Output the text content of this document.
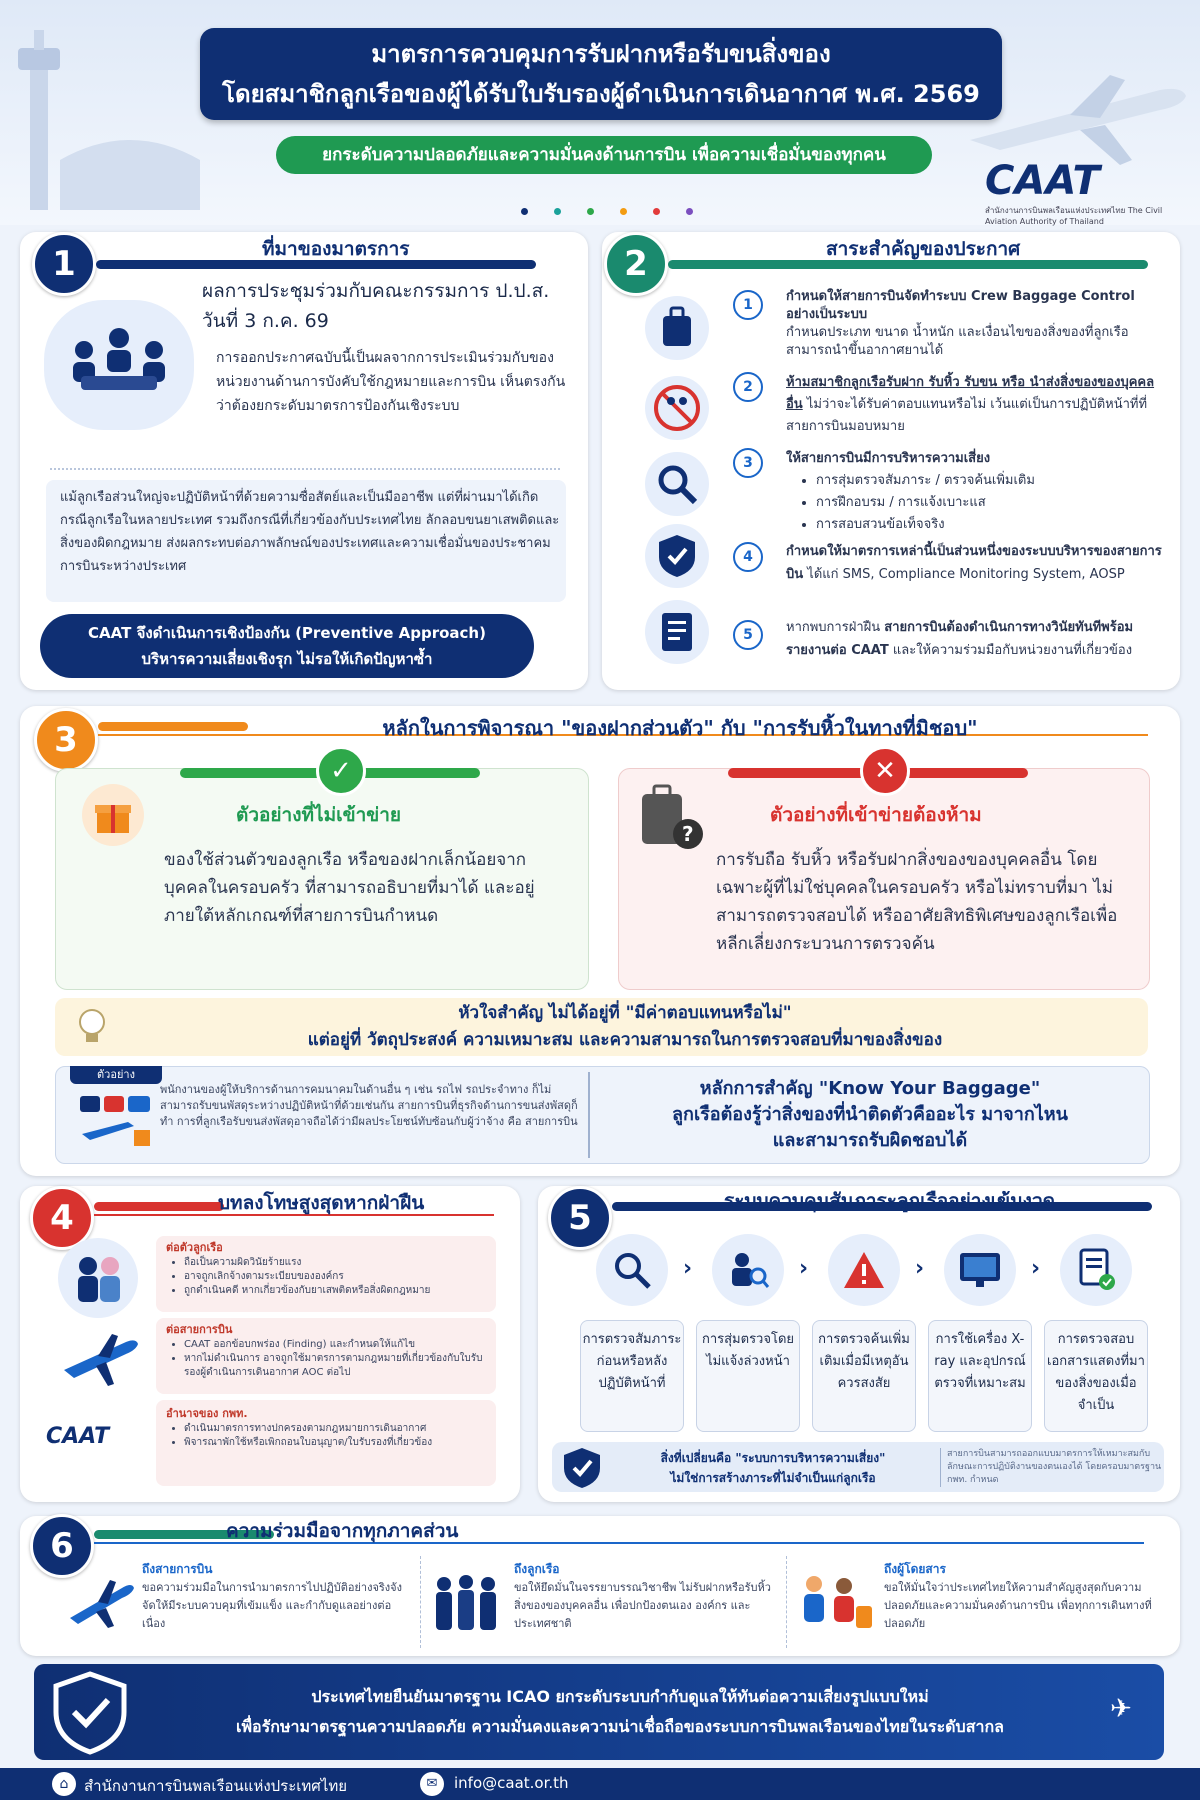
มาตรการควบคุมการรับฝากหรือรับขนสิ่งของ
โดยสมาชิกลูกเรือของผู้ได้รับใบรับรองผู้ดำเนินการเดินอากาศ พ.ศ. 2569
ยกระดับความปลอดภัยและความมั่นคงด้านการบิน เพื่อความเชื่อมั่นของทุกคน
CAAT
สำนักงานการบินพลเรือนแห่งประเทศไทย The Civil Aviation Authority of Thailand
1	ที่มาของมาตรการ
ผลการประชุมร่วมกับคณะกรรมการ ป.ป.ส.
วันที่ 3 ก.ค. 69
การออกประกาศฉบับนี้เป็นผลจากการประเมินร่วมกับของหน่วยงานด้านการบังคับใช้กฎหมายและการบิน เห็นตรงกันว่าต้องยกระดับมาตรการป้องกันเชิงระบบ
แม้ลูกเรือส่วนใหญ่จะปฏิบัติหน้าที่ด้วยความซื่อสัตย์และเป็นมืออาชีพ แต่ที่ผ่านมาได้เกิดกรณีลูกเรือในหลายประเทศ รวมถึงกรณีที่เกี่ยวข้องกับประเทศไทย ลักลอบขนยาเสพติดและสิ่งของผิดกฎหมาย ส่งผลกระทบต่อภาพลักษณ์ของประเทศและความเชื่อมั่นของประชาคมการบินระหว่างประเทศ
CAAT จึงดำเนินการเชิงป้องกัน (Preventive Approach)
บริหารความเสี่ยงเชิงรุก ไม่รอให้เกิดปัญหาซ้ำ
2	สาระสำคัญของประกาศ
1
กำหนดให้สายการบินจัดทำระบบ Crew Baggage Control อย่างเป็นระบบ
กำหนดประเภท ขนาด น้ำหนัก และเงื่อนไขของสิ่งของที่ลูกเรือสามารถนำขึ้นอากาศยานได้
2	ห้ามสมาชิกลูกเรือรับฝาก รับหิ้ว รับขน หรือ นำส่งสิ่งของของบุคคลอื่น ไม่ว่าจะได้รับค่าตอบแทนหรือไม่ เว้นแต่เป็นการปฏิบัติหน้าที่ที่สายการบินมอบหมาย
3	ให้สายการบินมีการบริหารความเสี่ยง
• การสุ่มตรวจสัมภาระ / ตรวจค้นเพิ่มเติม
• การฝึกอบรม / การแจ้งเบาะแส
• การสอบสวนข้อเท็จจริง
4	กำหนดให้มาตรการเหล่านี้เป็นส่วนหนึ่งของระบบบริหารของสายการบิน ได้แก่ SMS, Compliance Monitoring System, AOSP
5	หากพบการฝ่าฝืน สายการบินต้องดำเนินการทางวินัยทันทีพร้อมรายงานต่อ CAAT และให้ความร่วมมือกับหน่วยงานที่เกี่ยวข้อง
3	หลักในการพิจารณา "ของฝากส่วนตัว" กับ "การรับหิ้วในทางที่มิชอบ"
✓
ตัวอย่างที่ไม่เข้าข่าย
ของใช้ส่วนตัวของลูกเรือ หรือของฝากเล็กน้อยจากบุคคลในครอบครัว ที่สามารถอธิบายที่มาได้ และอยู่ภายใต้หลักเกณฑ์ที่สายการบินกำหนด
✕
?
ตัวอย่างที่เข้าข่ายต้องห้าม
การรับถือ รับหิ้ว หรือรับฝากสิ่งของของบุคคลอื่น โดยเฉพาะผู้ที่ไม่ใช่บุคคลในครอบครัว หรือไม่ทราบที่มา ไม่สามารถตรวจสอบได้ หรืออาศัยสิทธิพิเศษของลูกเรือเพื่อหลีกเลี่ยงกระบวนการตรวจค้น
หัวใจสำคัญ ไม่ได้อยู่ที่ "มีค่าตอบแทนหรือไม่"
แต่อยู่ที่ วัตถุประสงค์ ความเหมาะสม และความสามารถในการตรวจสอบที่มาของสิ่งของ
ตัวอย่าง
พนักงานของผู้ให้บริการด้านการคมนาคมในด้านอื่น ๆ เช่น รถไฟ รถประจำทาง ก็ไม่สามารถรับขนพัสดุระหว่างปฏิบัติหน้าที่ด้วยเช่นกัน สายการบินที่ธุรกิจด้านการขนส่งพัสดุก็ทำ การที่ลูกเรือรับขนส่งพัสดุอาจถือได้ว่ามีผลประโยชน์ทับซ้อนกับผู้ว่าจ้าง คือ สายการบิน
หลักการสำคัญ "Know Your Baggage"
ลูกเรือต้องรู้ว่าสิ่งของที่นำติดตัวคืออะไร มาจากไหน
และสามารถรับผิดชอบได้
4	บทลงโทษสูงสุดหากฝ่าฝืน
CAAT
ต่อตัวลูกเรือ
• ถือเป็นความผิดวินัยร้ายแรง
• อาจถูกเลิกจ้างตามระเบียบขององค์กร
• ถูกดำเนินคดี หากเกี่ยวข้องกับยาเสพติดหรือสิ่งผิดกฎหมาย
ต่อสายการบิน
• CAAT ออกข้อบกพร่อง (Finding) และกำหนดให้แก้ไข
• หากไม่ดำเนินการ อาจถูกใช้มาตรการตามกฎหมายที่เกี่ยวข้องกับใบรับรองผู้ดำเนินการเดินอากาศ AOC ต่อไป
อำนาจของ กพท.
• ดำเนินมาตรการทางปกครองตามกฎหมายการเดินอากาศ
• พิจารณาพักใช้หรือเพิกถอนใบอนุญาต/ใบรับรองที่เกี่ยวข้อง
5	ระบบควบคุมสัมภาระลูกเรืออย่างเข้มงวด
›	›	›	›
การตรวจสัมภาระก่อนหรือหลังปฏิบัติหน้าที่
การสุ่มตรวจโดยไม่แจ้งล่วงหน้า
การตรวจค้นเพิ่มเติมเมื่อมีเหตุอันควรสงสัย
การใช้เครื่อง X-ray และอุปกรณ์ตรวจที่เหมาะสม
การตรวจสอบเอกสารแสดงที่มาของสิ่งของเมื่อจำเป็น
สิ่งที่เปลี่ยนคือ "ระบบการบริหารความเสี่ยง"
ไม่ใช่การสร้างภาระที่ไม่จำเป็นแก่ลูกเรือ
สายการบินสามารถออกแบบมาตรการให้เหมาะสมกับลักษณะการปฏิบัติงานของตนเองได้ โดยครอบมาตรฐาน กพท. กำหนด
6	ความร่วมมือจากทุกภาคส่วน
ถึงสายการบิน
ขอความร่วมมือในการนำมาตรการไปปฏิบัติอย่างจริงจัง จัดให้มีระบบควบคุมที่เข้มแข็ง และกำกับดูแลอย่างต่อเนื่อง
ถึงลูกเรือ
ขอให้ยึดมั่นในจรรยาบรรณวิชาชีพ ไม่รับฝากหรือรับหิ้วสิ่งของของบุคคลอื่น เพื่อปกป้องตนเอง องค์กร และประเทศชาติ
ถึงผู้โดยสาร
ขอให้มั่นใจว่าประเทศไทยให้ความสำคัญสูงสุดกับความปลอดภัยและความมั่นคงด้านการบิน เพื่อทุกการเดินทางที่ปลอดภัย
ประเทศไทยยืนยันมาตรฐาน ICAO ยกระดับระบบกำกับดูแลให้ทันต่อความเสี่ยงรูปแบบใหม่
เพื่อรักษามาตรฐานความปลอดภัย ความมั่นคงและความน่าเชื่อถือของระบบการบินพลเรือนของไทยในระดับสากล
✈
⌂	สำนักงานการบินพลเรือนแห่งประเทศไทย	✉	info@caat.or.th
